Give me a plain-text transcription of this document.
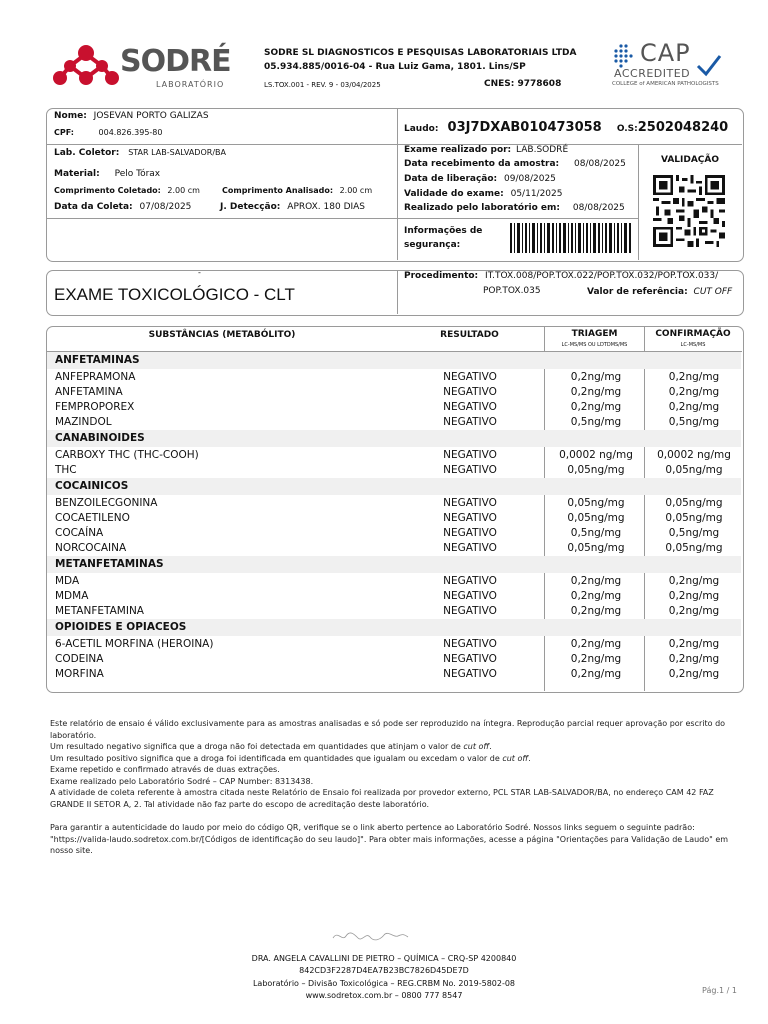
SODRÉ
LABORATÓRIO
SODRE SL DIAGNOSTICOS E PESQUISAS LABORATORIAIS LTDA
05.934.885/0016-04 - Rua Luiz Gama, 1801. Lins/SP
LS.TOX.001 - REV. 9 - 03/04/2025	CNES: 9778608
CAP
ACCREDITED
COLLEGE of AMERICAN PATHOLOGISTS
Nome: JOSEVAN PORTO GALIZAS
CPF:	004.826.395-80	Laudo: 03J7DXAB010473058 O.S:2502048240
Lab. Coletor: STAR LAB-SALVADOR/BA
Material: Pelo Tórax
Comprimento Coletado: 2.00 cm	Comprimento Analisado: 2.00 cm
Data da Coleta: 07/08/2025	J. Detecção: APROX. 180 DIAS
Exame realizado por: LAB.SODRÉ
Data recebimento da amostra: 08/08/2025
Data de liberação: 09/08/2025
Validade do exame: 05/11/2025
Realizado pelo laboratório em: 08/08/2025
Informações de
segurança:
VALIDAÇÃO
-
EXAME TOXICOLÓGICO - CLT
Procedimento: IT.TOX.008/POP.TOX.022/POP.TOX.032/POP.TOX.033/
POP.TOX.035	Valor de referência: CUT OFF
SUBSTÂNCIAS (METABÓLITO)	RESULTADO	TRIAGEM
LC-MS/MS OU LDTDMS/MS
CONFIRMAÇÃO
LC-MS/MS
ANFETAMINAS
ANFEPRAMONA	NEGATIVO	0,2ng/mg	0,2ng/mg
ANFETAMINA	NEGATIVO	0,2ng/mg	0,2ng/mg
FEMPROPOREX	NEGATIVO	0,2ng/mg	0,2ng/mg
MAZINDOL	NEGATIVO	0,5ng/mg	0,5ng/mg
CANABINOIDES
CARBOXY THC (THC-COOH)	NEGATIVO	0,0002 ng/mg	0,0002 ng/mg
THC	NEGATIVO	0,05ng/mg	0,05ng/mg
COCAINICOS
BENZOILECGONINA	NEGATIVO	0,05ng/mg	0,05ng/mg
COCAETILENO	NEGATIVO	0,05ng/mg	0,05ng/mg
COCAÍNA	NEGATIVO	0,5ng/mg	0,5ng/mg
NORCOCAINA	NEGATIVO	0,05ng/mg	0,05ng/mg
METANFETAMINAS
MDA	NEGATIVO	0,2ng/mg	0,2ng/mg
MDMA	NEGATIVO	0,2ng/mg	0,2ng/mg
METANFETAMINA	NEGATIVO	0,2ng/mg	0,2ng/mg
OPIOIDES E OPIACEOS
6-ACETIL MORFINA (HEROINA)	NEGATIVO	0,2ng/mg	0,2ng/mg
CODEINA	NEGATIVO	0,2ng/mg	0,2ng/mg
MORFINA	NEGATIVO	0,2ng/mg	0,2ng/mg
Este relatório de ensaio é válido exclusivamente para as amostras analisadas e só pode ser reproduzido na íntegra. Reprodução parcial requer aprovação por escrito do laboratório.
Um resultado negativo significa que a droga não foi detectada em quantidades que atinjam o valor de cut off.
Um resultado positivo significa que a droga foi identificada em quantidades que igualam ou excedam o valor de cut off.
Exame repetido e confirmado através de duas extrações.
Exame realizado pelo Laboratório Sodré – CAP Number: 8313438.
A atividade de coleta referente à amostra citada neste Relatório de Ensaio foi realizada por provedor externo, PCL STAR LAB-SALVADOR/BA, no endereço CAM 42 FAZ GRANDE II SETOR A, 2. Tal atividade não faz parte do escopo de acreditação deste laboratório.
Para garantir a autenticidade do laudo por meio do código QR, verifique se o link aberto pertence ao Laboratório Sodré. Nossos links seguem o seguinte padrão: "https://valida-laudo.sodretox.com.br/[Códigos de identificação do seu laudo]". Para obter mais informações, acesse a página "Orientações para Validação de Laudo" em nosso site.
DRA. ANGELA CAVALLINI DE PIETRO – QUÍMICA – CRQ-SP 4200840
842CD3F2287D4EA7B23BC7826D45DE7D
Laboratório – Divisão Toxicológica – REG.CRBM No. 2019-5802-08
www.sodretox.com.br – 0800 777 8547
Pág.1 / 1
